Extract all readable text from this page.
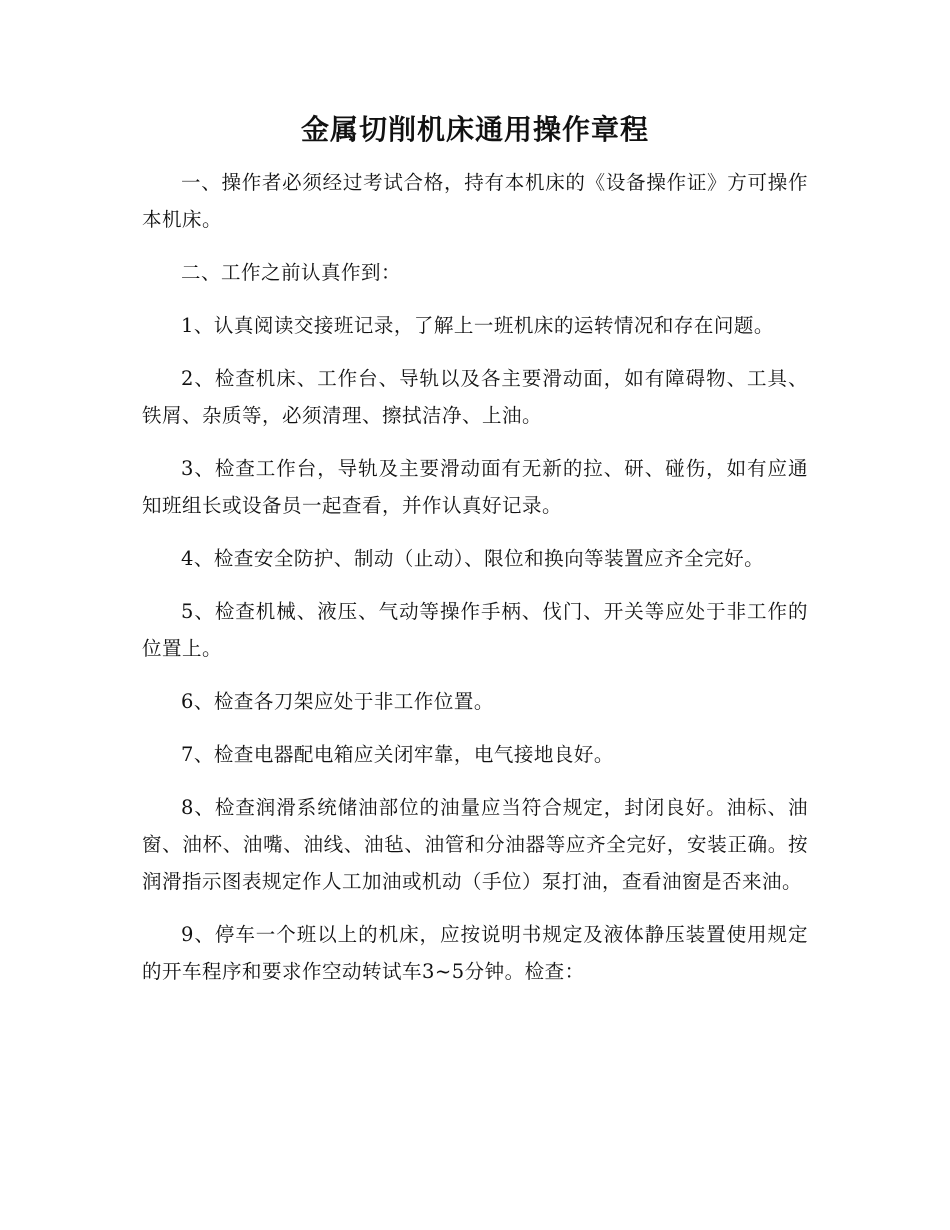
金属切削机床通用操作章程

一、操作者必须经过考试合格，持有本机床的《设备操作证》方可操作本机床。

二、工作之前认真作到：

1、认真阅读交接班记录，了解上一班机床的运转情况和存在问题。

2、检查机床、工作台、导轨以及各主要滑动面，如有障碍物、工具、铁屑、杂质等，必须清理、擦拭洁净、上油。

3、检查工作台，导轨及主要滑动面有无新的拉、研、碰伤，如有应通知班组长或设备员一起查看，并作认真好记录。

4、检查安全防护、制动（止动）、限位和换向等装置应齐全完好。

5、检查机械、液压、气动等操作手柄、伐门、开关等应处于非工作的位置上。

6、检查各刀架应处于非工作位置。

7、检查电器配电箱应关闭牢靠，电气接地良好。

8、检查润滑系统储油部位的油量应当符合规定，封闭良好。油标、油窗、油杯、油嘴、油线、油毡、油管和分油器等应齐全完好，安装正确。按润滑指示图表规定作人工加油或机动（手位）泵打油，查看油窗是否来油。

9、停车一个班以上的机床，应按说明书规定及液体静压装置使用规定的开车程序和要求作空动转试车3~5分钟。检查：
